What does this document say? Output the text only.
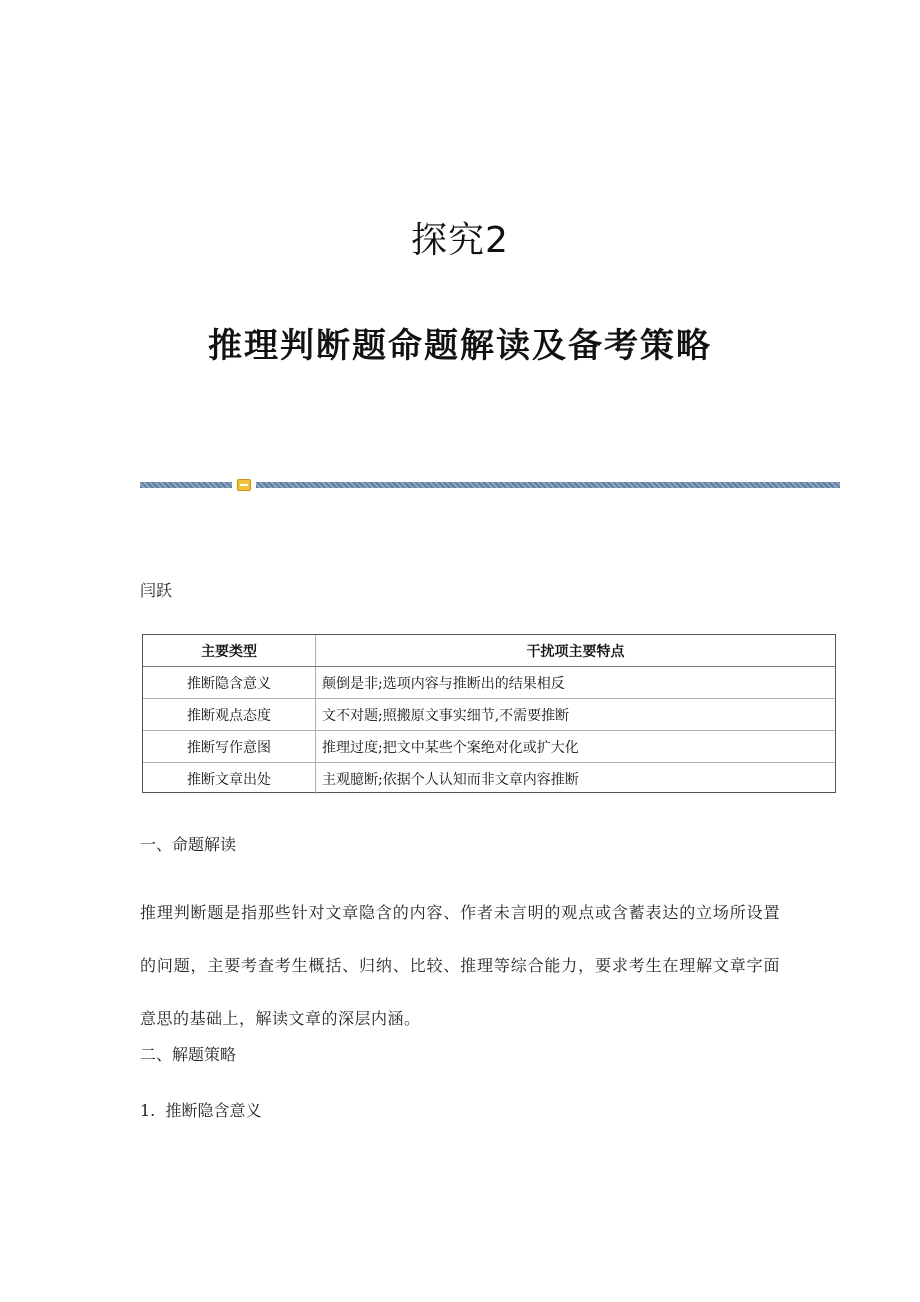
探究2
推理判断题命题解读及备考策略
闫跃
主要类型	干扰项主要特点
推断隐含意义	颠倒是非;选项内容与推断出的结果相反
推断观点态度	文不对题;照搬原文事实细节,不需要推断
推断写作意图	推理过度;把文中某些个案绝对化或扩大化
推断文章出处	主观臆断;依据个人认知而非文章内容推断
一、命题解读
推理判断题是指那些针对文章隐含的内容、作者未言明的观点或含蓄表达的立场所设置的问题，主要考查考生概括、归纳、比较、推理等综合能力，要求考生在理解文章字面意思的基础上，解读文章的深层内涵。
二、解题策略
1.  推断隐含意义
